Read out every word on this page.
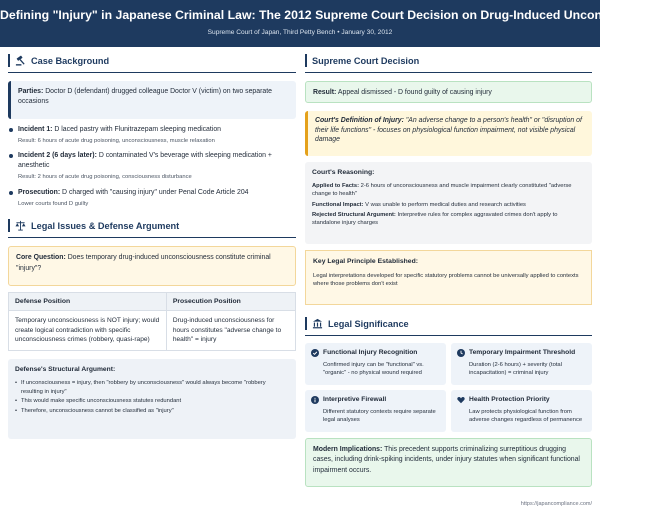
Defining "Injury" in Japanese Criminal Law: The 2012 Supreme Court Decision on Drug-Induced Unconsciousness
Supreme Court of Japan, Third Petty Bench • January 30, 2012
Case Background
Parties: Doctor D (defendant) drugged colleague Doctor V (victim) on two separate occasions
Incident 1: D laced pastry with Flunitrazepam sleeping medication
Result: 6 hours of acute drug poisoning, unconsciousness, muscle relaxation
Incident 2 (6 days later): D contaminated V's beverage with sleeping medication + anesthetic
Result: 2 hours of acute drug poisoning, consciousness disturbance
Prosecution: D charged with "causing injury" under Penal Code Article 204
Lower courts found D guilty
Legal Issues & Defense Argument
Core Question: Does temporary drug-induced unconsciousness constitute criminal "injury"?
Defense Position	Prosecution Position
Temporary unconsciousness is NOT injury; would create logical contradiction with specific unconsciousness crimes (robbery, quasi-rape)	Drug-induced unconsciousness for hours constitutes "adverse change to health" = injury
Defense's Structural Argument:
• If unconsciousness = injury, then "robbery by unconsciousness" would always become "robbery resulting in injury"
• This would make specific unconsciousness statutes redundant
• Therefore, unconsciousness cannot be classified as "injury"
Supreme Court Decision
Result: Appeal dismissed - D found guilty of causing injury
Court's Definition of Injury: "An adverse change to a person's health" or "disruption of their life functions" - focuses on physiological function impairment, not visible physical damage
Court's Reasoning:

Applied to Facts: 2-6 hours of unconsciousness and muscle impairment clearly constituted "adverse change to health"

Functional Impact: V was unable to perform medical duties and research activities

Rejected Structural Argument: Interpretive rules for complex aggravated crimes don't apply to standalone injury charges

Key Legal Principle Established:
Legal interpretations developed for specific statutory problems cannot be universally applied to contexts where those problems don't exist
Legal Significance
Functional Injury Recognition
Confirmed injury can be "functional" vs. "organic" - no physical wound required
Temporary Impairment Threshold
Duration (2-6 hours) + severity (total incapacitation) = criminal injury
Interpretive Firewall
Different statutory contexts require separate legal analyses
Health Protection Priority
Law protects physiological function from adverse changes regardless of permanence
Modern Implications: This precedent supports criminalizing surreptitious drugging cases, including drink-spiking incidents, under injury statutes when significant functional impairment occurs.
https://japancompliance.com/
